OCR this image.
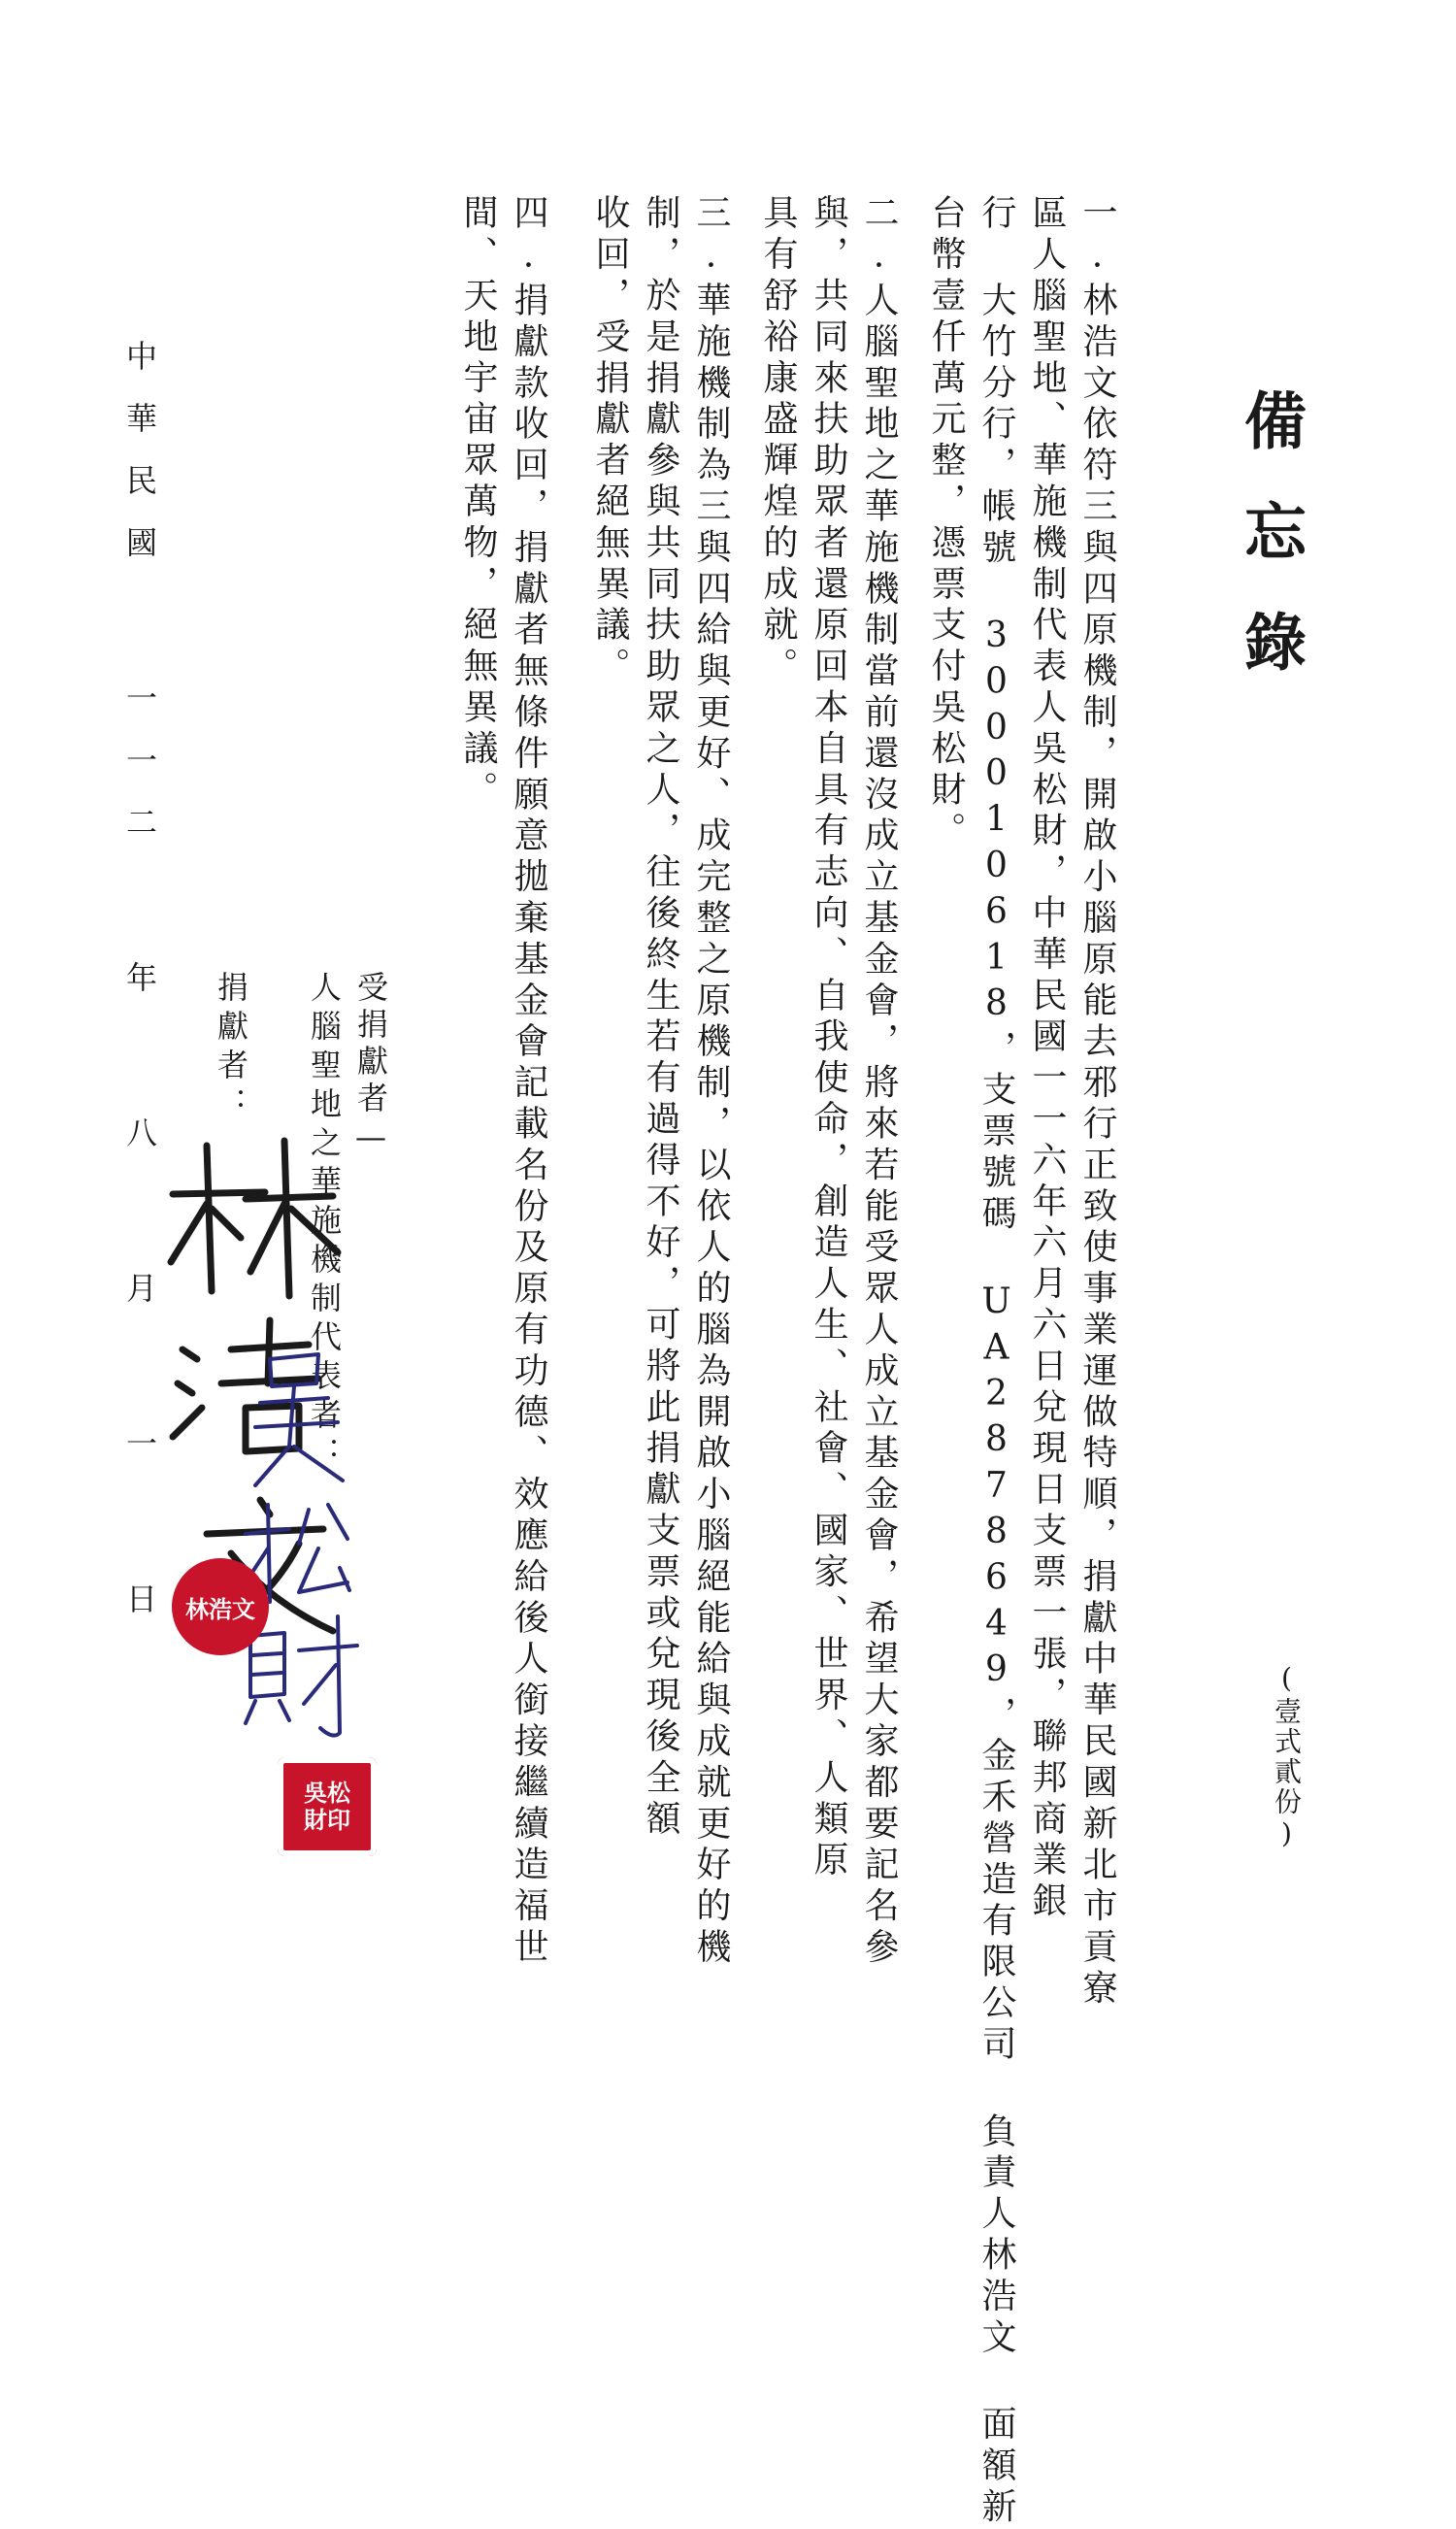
備忘錄
(壹式貳份)
一.林浩文依符三與四原機制，開啟小腦原能去邪行正致使事業運做特順，捐獻中華民國新北市貢寮
區人腦聖地、華施機制代表人吳松財，中華民國一一六年六月六日兌現日支票一張，聯邦商業銀
行 大竹分行，帳號 300010618，支票號碼 UA2878649，金禾營造有限公司 負責人林浩文 面額新
台幣壹仟萬元整，憑票支付吳松財。
二.人腦聖地之華施機制當前還沒成立基金會，將來若能受眾人成立基金會，希望大家都要記名參
與，共同來扶助眾者還原回本自具有志向、自我使命，創造人生、社會、國家、世界、人類原
具有舒裕康盛輝煌的成就。
三.華施機制為三與四給與更好、成完整之原機制，以依人的腦為開啟小腦絕能給與成就更好的機
制，於是捐獻參與共同扶助眾之人，往後終生若有過得不好，可將此捐獻支票或兌現後全額
收回，受捐獻者絕無異議。
四.捐獻款收回，捐獻者無條件願意拋棄基金會記載名份及原有功德、效應給後人銜接繼續造福世
間、天地宇宙眾萬物，絕無異議。
受捐獻者—
人腦聖地之華施機制代表者：
捐獻者：
中華民國 一一二 年 八 月 一 日 林浩文
吳松
財印
